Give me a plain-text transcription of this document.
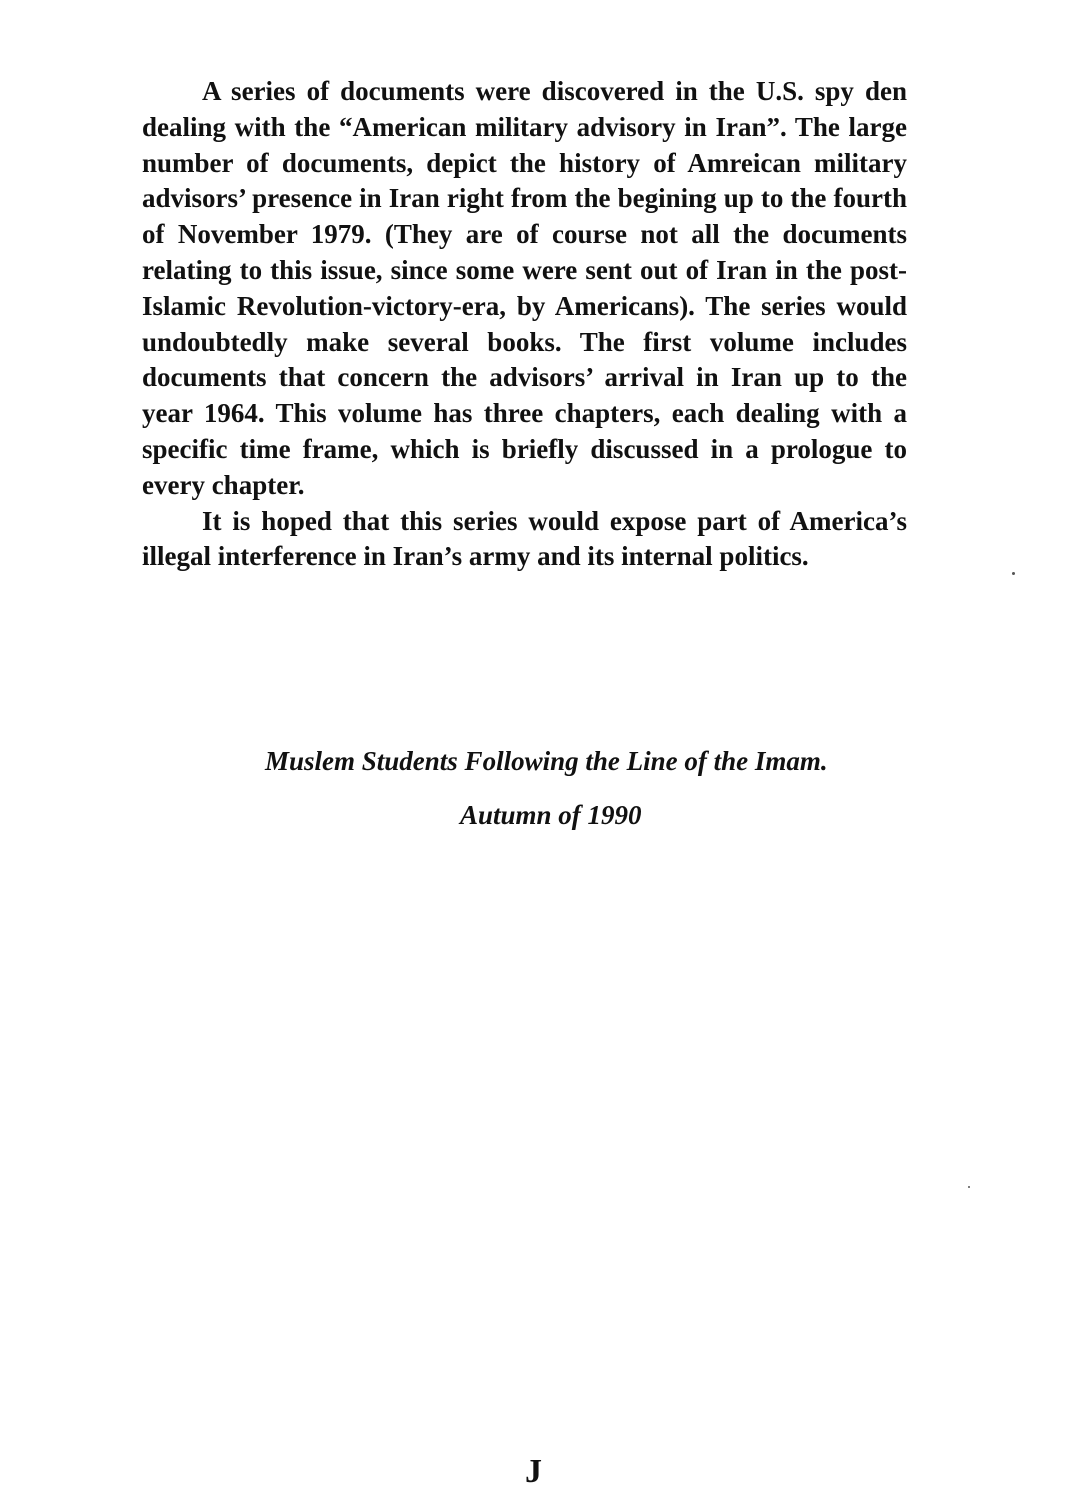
A series of documents were discovered in the U.S. spy den dealing with the “American military advisory in Iran”. The large number of documents, depict the history of Amreican military advisors’ presence in Iran right from the begining up to the fourth of November 1979. (They are of course not all the documents relating to this issue, since some were sent out of Iran in the post-Islamic Revolution-victory-era, by Americans). The series would undoubtedly make several books. The first volume includes documents that concern the advisors’ arrival in Iran up to the year 1964. This volume has three chapters, each dealing with a specific time frame, which is briefly discussed in a prologue to every chapter.

It is hoped that this series would expose part of America’s illegal interference in Iran’s army and its internal politics.

Muslem Students Following the Line of the Imam.
Autumn of 1990
J
